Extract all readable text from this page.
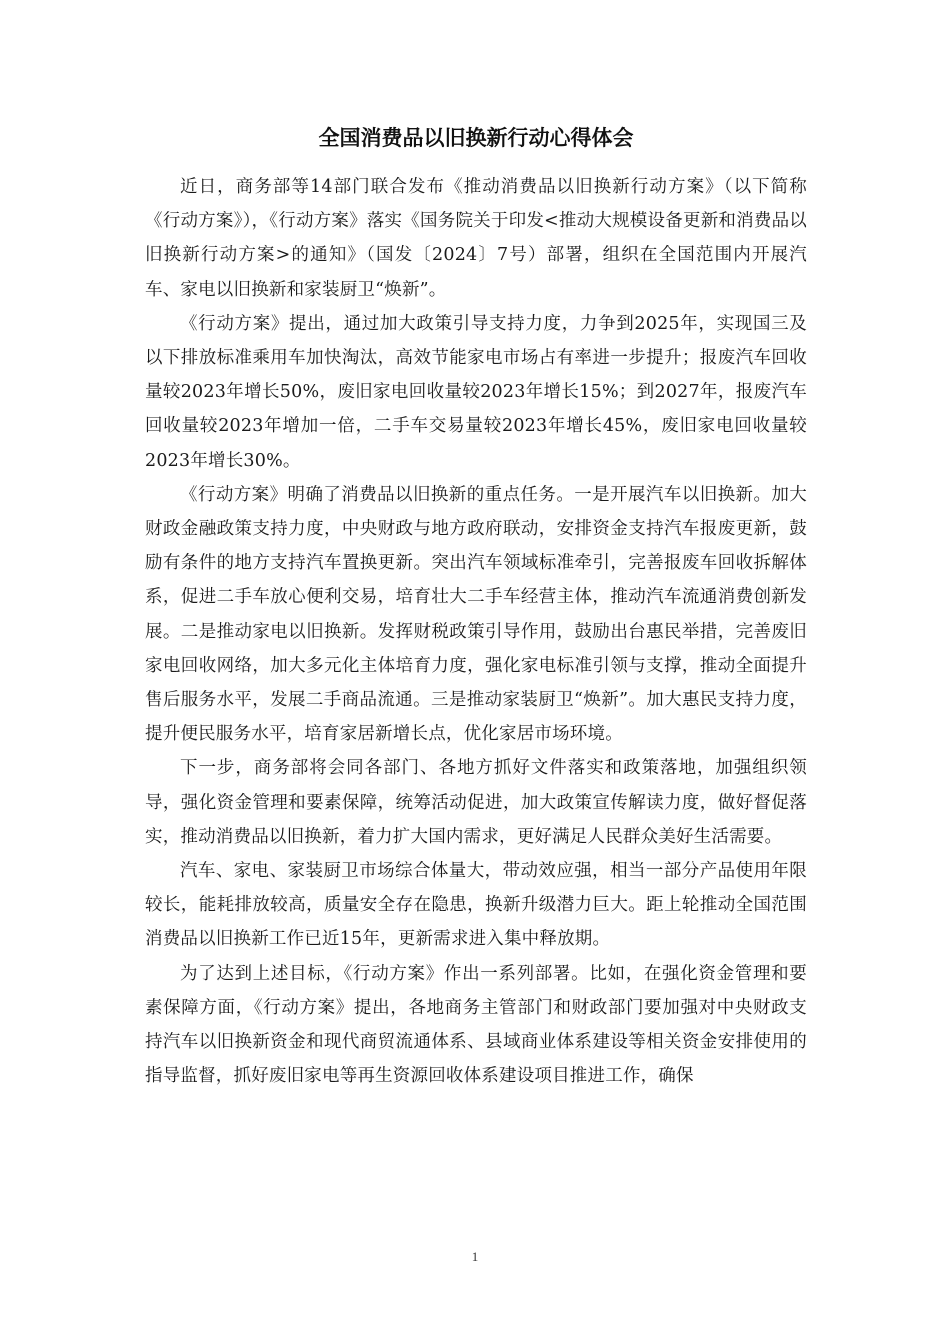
全国消费品以旧换新行动心得体会

近日，商务部等14部门联合发布《推动消费品以旧换新行动方案》（以下简称《行动方案》），《行动方案》落实《国务院关于印发<推动大规模设备更新和消费品以旧换新行动方案>的通知》（国发〔2024〕7号）部署，组织在全国范围内开展汽车、家电以旧换新和家装厨卫“焕新”。

《行动方案》提出，通过加大政策引导支持力度，力争到2025年，实现国三及以下排放标准乘用车加快淘汰，高效节能家电市场占有率进一步提升；报废汽车回收量较2023年增长50%，废旧家电回收量较2023年增长15%；到2027年，报废汽车回收量较2023年增加一倍，二手车交易量较2023年增长45%，废旧家电回收量较2023年增长30%。

《行动方案》明确了消费品以旧换新的重点任务。一是开展汽车以旧换新。加大财政金融政策支持力度，中央财政与地方政府联动，安排资金支持汽车报废更新，鼓励有条件的地方支持汽车置换更新。突出汽车领域标准牵引，完善报废车回收拆解体系，促进二手车放心便利交易，培育壮大二手车经营主体，推动汽车流通消费创新发展。二是推动家电以旧换新。发挥财税政策引导作用，鼓励出台惠民举措，完善废旧家电回收网络，加大多元化主体培育力度，强化家电标准引领与支撑，推动全面提升售后服务水平，发展二手商品流通。三是推动家装厨卫“焕新”。加大惠民支持力度，提升便民服务水平，培育家居新增长点，优化家居市场环境。

下一步，商务部将会同各部门、各地方抓好文件落实和政策落地，加强组织领导，强化资金管理和要素保障，统筹活动促进，加大政策宣传解读力度，做好督促落实，推动消费品以旧换新，着力扩大国内需求，更好满足人民群众美好生活需要。

汽车、家电、家装厨卫市场综合体量大，带动效应强，相当一部分产品使用年限较长，能耗排放较高，质量安全存在隐患，换新升级潜力巨大。距上轮推动全国范围消费品以旧换新工作已近15年，更新需求进入集中释放期。

为了达到上述目标，《行动方案》作出一系列部署。比如，在强化资金管理和要素保障方面，《行动方案》提出，各地商务主管部门和财政部门要加强对中央财政支持汽车以旧换新资金和现代商贸流通体系、县域商业体系建设等相关资金安排使用的指导监督，抓好废旧家电等再生资源回收体系建设项目推进工作，确保

1
